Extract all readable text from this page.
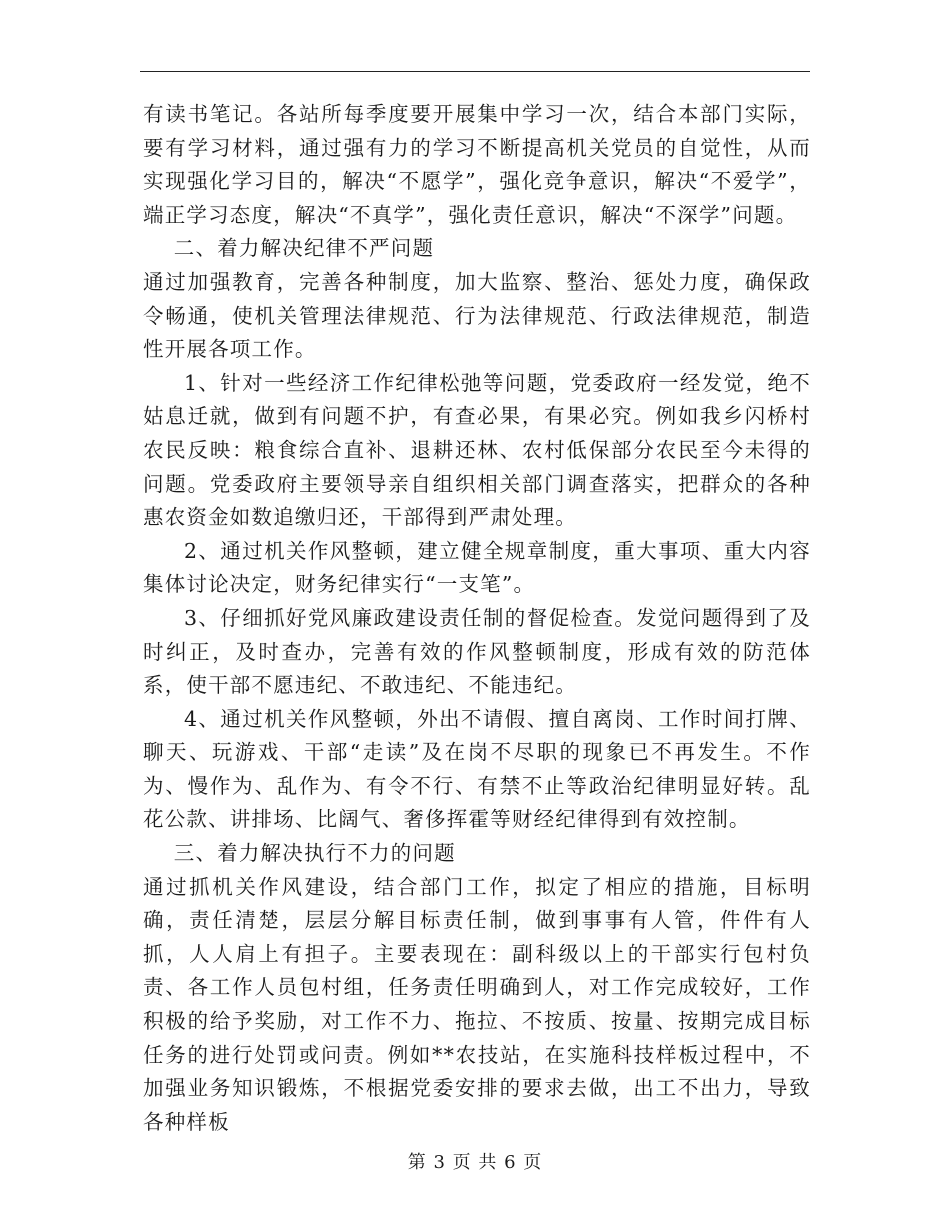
有读书笔记。各站所每季度要开展集中学习一次，结合本部门实际，要有学习材料，通过强有力的学习不断提高机关党员的自觉性，从而实现强化学习目的，解决“不愿学”，强化竞争意识，解决“不爱学”，端正学习态度，解决“不真学”，强化责任意识，解决“不深学”问题。

二、着力解决纪律不严问题

通过加强教育，完善各种制度，加大监察、整治、惩处力度，确保政令畅通，使机关管理法律规范、行为法律规范、行政法律规范，制造性开展各项工作。

1、针对一些经济工作纪律松弛等问题，党委政府一经发觉，绝不姑息迁就，做到有问题不护，有查必果，有果必究。例如我乡闪桥村农民反映：粮食综合直补、退耕还林、农村低保部分农民至今未得的问题。党委政府主要领导亲自组织相关部门调查落实，把群众的各种惠农资金如数追缴归还，干部得到严肃处理。

2、通过机关作风整顿，建立健全规章制度，重大事项、重大内容集体讨论决定，财务纪律实行“一支笔”。

3、仔细抓好党风廉政建设责任制的督促检查。发觉问题得到了及时纠正，及时查办，完善有效的作风整顿制度，形成有效的防范体系，使干部不愿违纪、不敢违纪、不能违纪。

4、通过机关作风整顿，外出不请假、擅自离岗、工作时间打牌、聊天、玩游戏、干部“走读”及在岗不尽职的现象已不再发生。不作为、慢作为、乱作为、有令不行、有禁不止等政治纪律明显好转。乱花公款、讲排场、比阔气、奢侈挥霍等财经纪律得到有效控制。

三、着力解决执行不力的问题

通过抓机关作风建设，结合部门工作，拟定了相应的措施，目标明确，责任清楚，层层分解目标责任制，做到事事有人管，件件有人抓，人人肩上有担子。主要表现在：副科级以上的干部实行包村负责、各工作人员包村组，任务责任明确到人，对工作完成较好，工作积极的给予奖励，对工作不力、拖拉、不按质、按量、按期完成目标任务的进行处罚或问责。例如**农技站，在实施科技样板过程中，不加强业务知识锻炼，不根据党委安排的要求去做，出工不出力，导致各种样板

第 3 页 共 6 页
